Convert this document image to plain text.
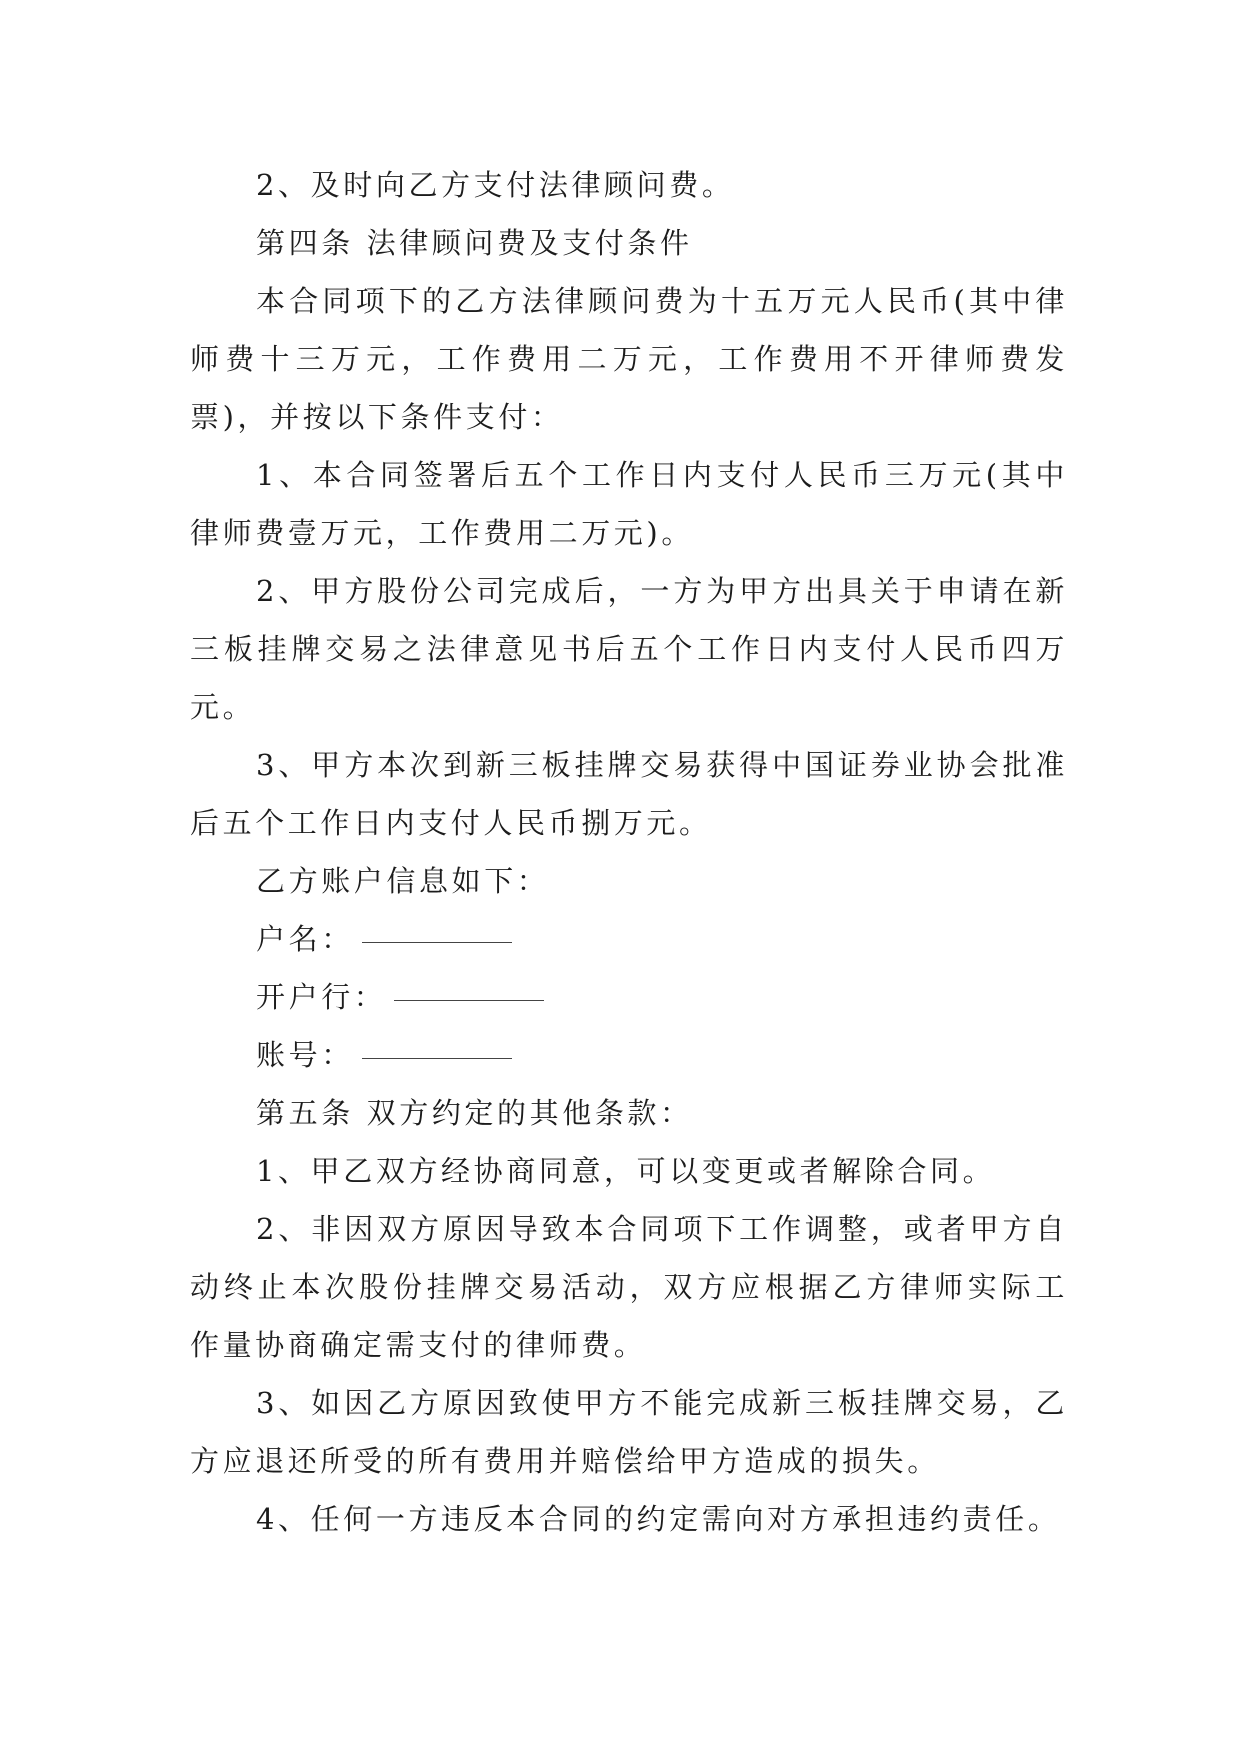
2、及时向乙方支付法律顾问费。

第四条 法律顾问费及支付条件

本合同项下的乙方法律顾问费为十五万元人民币(其中律师费十三万元，工作费用二万元，工作费用不开律师费发票)，并按以下条件支付：

1、本合同签署后五个工作日内支付人民币三万元(其中律师费壹万元，工作费用二万元)。

2、甲方股份公司完成后，一方为甲方出具关于申请在新三板挂牌交易之法律意见书后五个工作日内支付人民币四万元。

3、甲方本次到新三板挂牌交易获得中国证券业协会批准后五个工作日内支付人民币捌万元。

乙方账户信息如下：

户名：

开户行：

账号：

第五条 双方约定的其他条款：

1、甲乙双方经协商同意，可以变更或者解除合同。

2、非因双方原因导致本合同项下工作调整，或者甲方自动终止本次股份挂牌交易活动，双方应根据乙方律师实际工作量协商确定需支付的律师费。

3、如因乙方原因致使甲方不能完成新三板挂牌交易，乙方应退还所受的所有费用并赔偿给甲方造成的损失。

4、任何一方违反本合同的约定需向对方承担违约责任。
